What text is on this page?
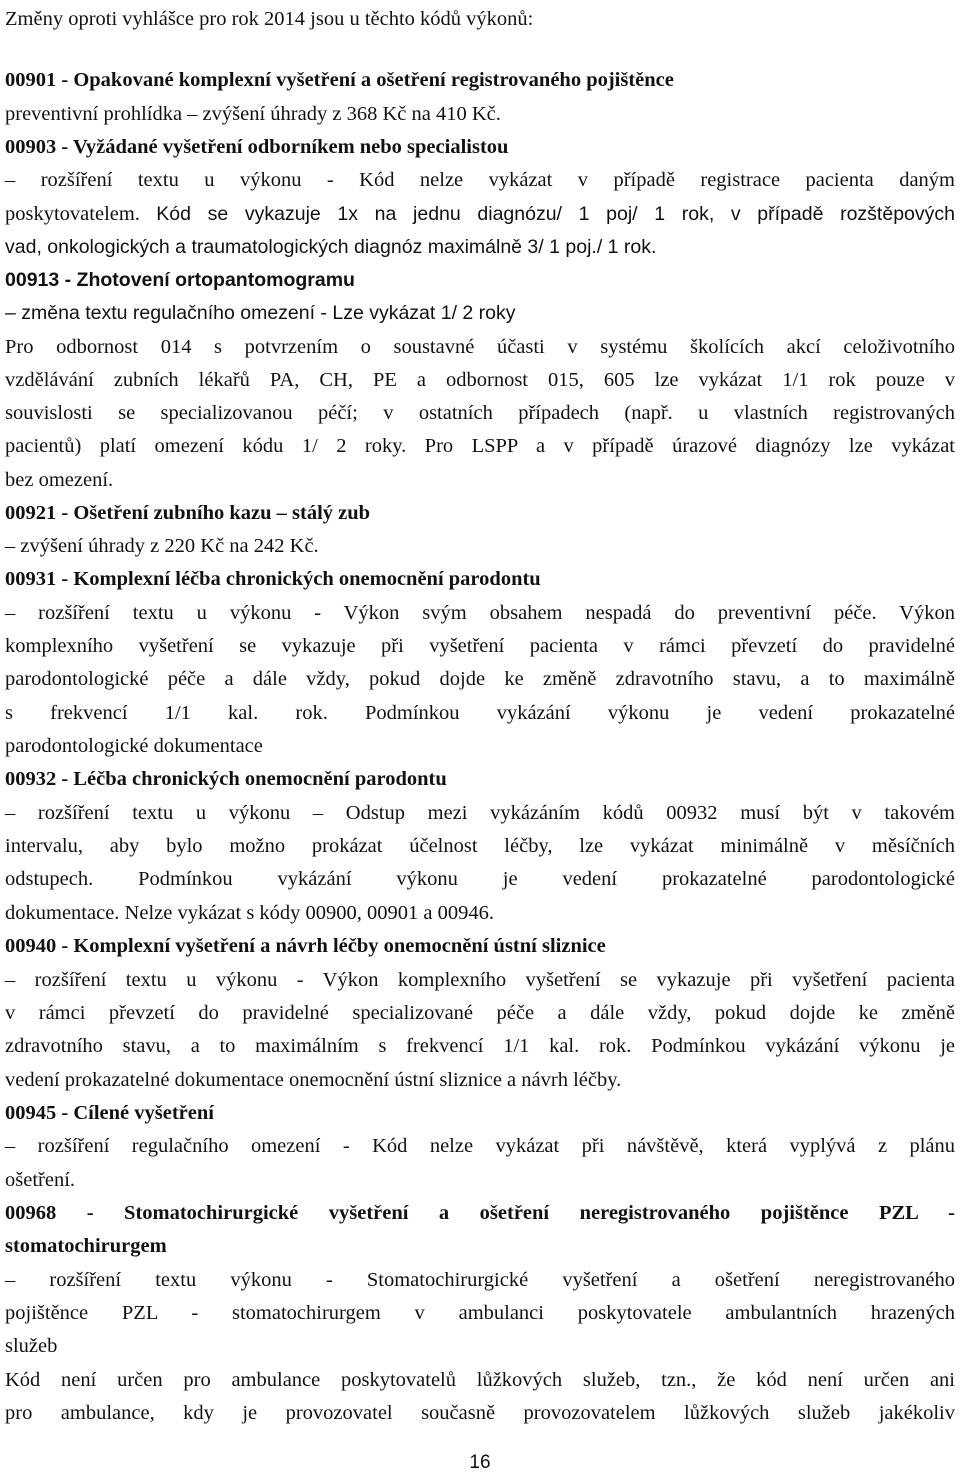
Změny oproti vyhlášce pro rok 2014 jsou u těchto kódů výkonů:
00901 - Opakované komplexní vyšetření a ošetření registrovaného pojištěnce
preventivní prohlídka – zvýšení úhrady z 368 Kč na 410 Kč.
00903 - Vyžádané vyšetření odborníkem nebo specialistou
– rozšíření textu u výkonu - Kód nelze vykázat v případě registrace pacienta daným
poskytovatelem. Kód se vykazuje 1x na jednu diagnózu/ 1 poj/ 1 rok, v případě rozštěpových
vad, onkologických a traumatologických diagnóz maximálně 3/ 1 poj./ 1 rok.
00913 - Zhotovení ortopantomogramu
– změna textu regulačního omezení - Lze vykázat 1/ 2 roky
Pro odbornost 014 s potvrzením o soustavné účasti v systému školících akcí celoživotního
vzdělávání zubních lékařů PA, CH, PE a odbornost 015, 605 lze vykázat 1/1 rok pouze v
souvislosti se specializovanou péčí; v ostatních případech (např. u vlastních registrovaných
pacientů) platí omezení kódu 1/ 2 roky. Pro LSPP a v případě úrazové diagnózy lze vykázat
bez omezení.
00921 - Ošetření zubního kazu – stálý zub
– zvýšení úhrady z 220 Kč na 242 Kč.
00931 - Komplexní léčba chronických onemocnění parodontu
– rozšíření textu u výkonu - Výkon svým obsahem nespadá do preventivní péče. Výkon
komplexního vyšetření se vykazuje při vyšetření pacienta v rámci převzetí do pravidelné
parodontologické péče a dále vždy, pokud dojde ke změně zdravotního stavu, a to maximálně
s frekvencí 1/1 kal. rok. Podmínkou vykázání výkonu je vedení prokazatelné
parodontologické dokumentace
00932 - Léčba chronických onemocnění parodontu
– rozšíření textu u výkonu – Odstup mezi vykázáním kódů 00932 musí být v takovém
intervalu, aby bylo možno prokázat účelnost léčby, lze vykázat minimálně v měsíčních
odstupech. Podmínkou vykázání výkonu je vedení prokazatelné parodontologické
dokumentace. Nelze vykázat s kódy 00900, 00901 a 00946.
00940 - Komplexní vyšetření a návrh léčby onemocnění ústní sliznice
– rozšíření textu u výkonu - Výkon komplexního vyšetření se vykazuje při vyšetření pacienta
v rámci převzetí do pravidelné specializované péče a dále vždy, pokud dojde ke změně
zdravotního stavu, a to maximálním s frekvencí 1/1 kal. rok. Podmínkou vykázání výkonu je
vedení prokazatelné dokumentace onemocnění ústní sliznice a návrh léčby.
00945 - Cílené vyšetření
– rozšíření regulačního omezení - Kód nelze vykázat při návštěvě, která vyplývá z plánu
ošetření.
00968 - Stomatochirurgické vyšetření a ošetření neregistrovaného pojištěnce PZL -
stomatochirurgem
– rozšíření textu výkonu - Stomatochirurgické vyšetření a ošetření neregistrovaného
pojištěnce PZL - stomatochirurgem v ambulanci poskytovatele ambulantních hrazených
služeb
Kód není určen pro ambulance poskytovatelů lůžkových služeb, tzn., že kód není určen ani
pro ambulance, kdy je provozovatel současně provozovatelem lůžkových služeb jakékoliv
16
